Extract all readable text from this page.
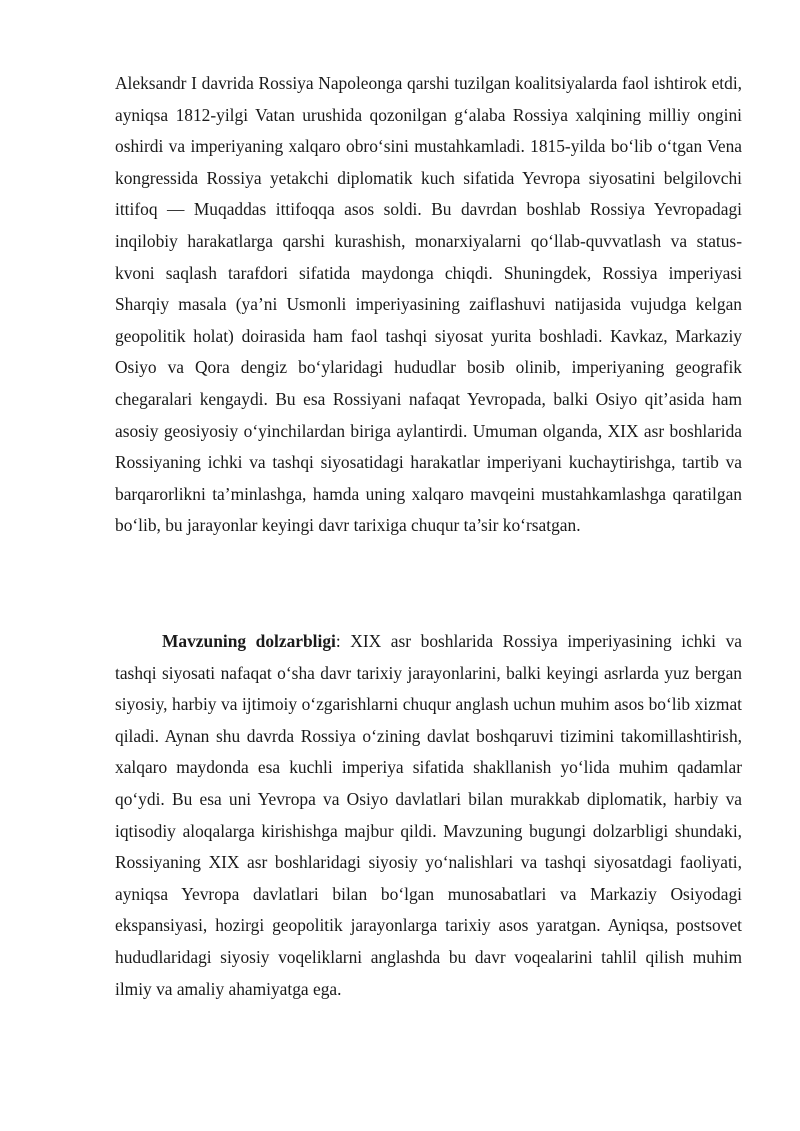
Aleksandr I davrida Rossiya Napoleonga qarshi tuzilgan koalitsiyalarda faol ishtirok etdi, ayniqsa 1812-yilgi Vatan urushida qozonilgan g‘alaba Rossiya xalqining milliy ongini oshirdi va imperiyaning xalqaro obro‘sini mustahkamladi. 1815-yilda bo‘lib o‘tgan Vena kongressida Rossiya yetakchi diplomatik kuch sifatida Yevropa siyosatini belgilovchi ittifoq — Muqaddas ittifoqqa asos soldi. Bu davrdan boshlab Rossiya Yevropadagi inqilobiy harakatlarga qarshi kurashish, monarxiyalarni qo‘llab-quvvatlash va status-kvoni saqlash tarafdori sifatida maydonga chiqdi. Shuningdek, Rossiya imperiyasi Sharqiy masala (ya’ni Usmonli imperiyasining zaiflashuvi natijasida vujudga kelgan geopolitik holat) doirasida ham faol tashqi siyosat yurita boshladi. Kavkaz, Markaziy Osiyo va Qora dengiz bo‘ylaridagi hududlar bosib olinib, imperiyaning geografik chegaralari kengaydi. Bu esa Rossiyani nafaqat Yevropada, balki Osiyo qit’asida ham asosiy geosiyosiy o‘yinchilardan biriga aylantirdi. Umuman olganda, XIX asr boshlarida Rossiyaning ichki va tashqi siyosatidagi harakatlar imperiyani kuchaytirishga, tartib va barqarorlikni ta’minlashga, hamda uning xalqaro mavqeini mustahkamlashga qaratilgan bo‘lib, bu jarayonlar keyingi davr tarixiga chuqur ta’sir ko‘rsatgan.

Mavzuning dolzarbligi: XIX asr boshlarida Rossiya imperiyasining ichki va tashqi siyosati nafaqat o‘sha davr tarixiy jarayonlarini, balki keyingi asrlarda yuz bergan siyosiy, harbiy va ijtimoiy o‘zgarishlarni chuqur anglash uchun muhim asos bo‘lib xizmat qiladi. Aynan shu davrda Rossiya o‘zining davlat boshqaruvi tizimini takomillashtirish, xalqaro maydonda esa kuchli imperiya sifatida shakllanish yo‘lida muhim qadamlar qo‘ydi. Bu esa uni Yevropa va Osiyo davlatlari bilan murakkab diplomatik, harbiy va iqtisodiy aloqalarga kirishishga majbur qildi. Mavzuning bugungi dolzarbligi shundaki, Rossiyaning XIX asr boshlaridagi siyosiy yo‘nalishlari va tashqi siyosatdagi faoliyati, ayniqsa Yevropa davlatlari bilan bo‘lgan munosabatlari va Markaziy Osiyodagi ekspansiyasi, hozirgi geopolitik jarayonlarga tarixiy asos yaratgan. Ayniqsa, postsovet hududlaridagi siyosiy voqeliklarni anglashda bu davr voqealarini tahlil qilish muhim ilmiy va amaliy ahamiyatga ega.
